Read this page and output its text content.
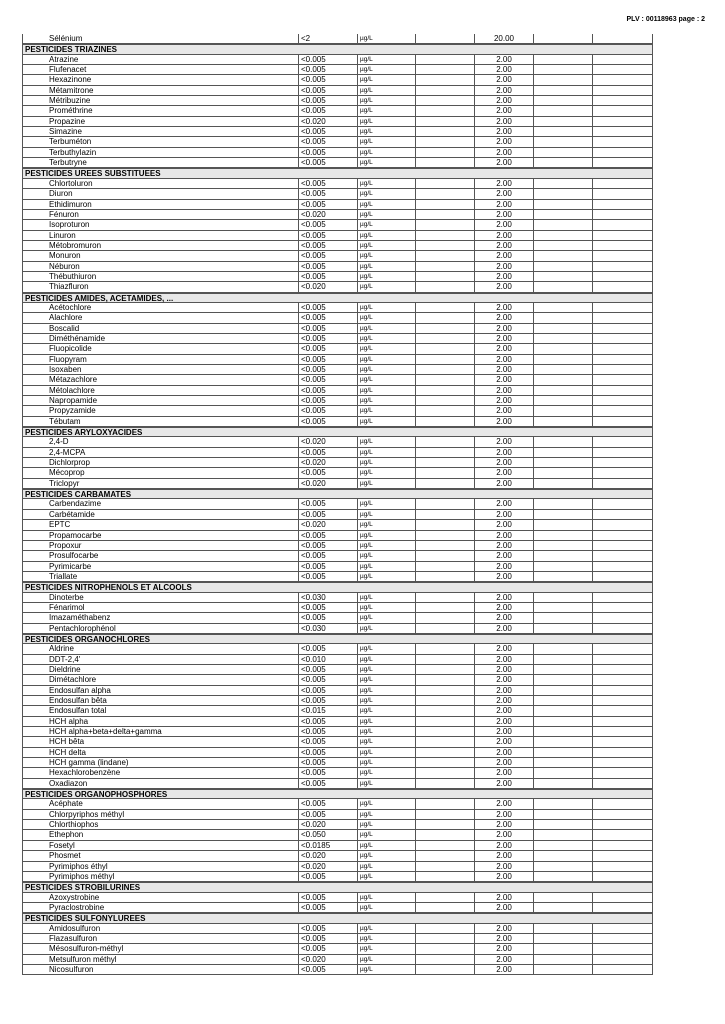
PLV : 00118963 page : 2
Sélénium	<2	µg/L	20.00
PESTICIDES TRIAZINES
Atrazine	<0.005	µg/L	2.00
Flufenacet	<0.005	µg/L	2.00
Hexazinone	<0.005	µg/L	2.00
Métamitrone	<0.005	µg/L	2.00
Métribuzine	<0.005	µg/L	2.00
Prométhrine	<0.005	µg/L	2.00
Propazine	<0.020	µg/L	2.00
Simazine	<0.005	µg/L	2.00
Terbuméton	<0.005	µg/L	2.00
Terbuthylazin	<0.005	µg/L	2.00
Terbutryne	<0.005	µg/L	2.00
PESTICIDES UREES SUBSTITUEES
Chlortoluron	<0.005	µg/L	2.00
Diuron	<0.005	µg/L	2.00
Ethidimuron	<0.005	µg/L	2.00
Fénuron	<0.020	µg/L	2.00
Isoproturon	<0.005	µg/L	2.00
Linuron	<0.005	µg/L	2.00
Métobromuron	<0.005	µg/L	2.00
Monuron	<0.005	µg/L	2.00
Néburon	<0.005	µg/L	2.00
Thébuthiuron	<0.005	µg/L	2.00
Thiazfluron	<0.020	µg/L	2.00
PESTICIDES AMIDES, ACETAMIDES, ...
Acétochlore	<0.005	µg/L	2.00
Alachlore	<0.005	µg/L	2.00
Boscalid	<0.005	µg/L	2.00
Diméthénamide	<0.005	µg/L	2.00
Fluopicolide	<0.005	µg/L	2.00
Fluopyram	<0.005	µg/L	2.00
Isoxaben	<0.005	µg/L	2.00
Métazachlore	<0.005	µg/L	2.00
Métolachlore	<0.005	µg/L	2.00
Napropamide	<0.005	µg/L	2.00
Propyzamide	<0.005	µg/L	2.00
Tébutam	<0.005	µg/L	2.00
PESTICIDES ARYLOXYACIDES
2,4-D	<0.020	µg/L	2.00
2,4-MCPA	<0.005	µg/L	2.00
Dichlorprop	<0.020	µg/L	2.00
Mécoprop	<0.005	µg/L	2.00
Triclopyr	<0.020	µg/L	2.00
PESTICIDES CARBAMATES
Carbendazime	<0.005	µg/L	2.00
Carbétamide	<0.005	µg/L	2.00
EPTC	<0.020	µg/L	2.00
Propamocarbe	<0.005	µg/L	2.00
Propoxur	<0.005	µg/L	2.00
Prosulfocarbe	<0.005	µg/L	2.00
Pyrimicarbe	<0.005	µg/L	2.00
Triallate	<0.005	µg/L	2.00
PESTICIDES NITROPHENOLS ET ALCOOLS
Dinoterbe	<0.030	µg/L	2.00
Fénarimol	<0.005	µg/L	2.00
Imazaméthabenz	<0.005	µg/L	2.00
Pentachlorophénol	<0.030	µg/L	2.00
PESTICIDES ORGANOCHLORES
Aldrine	<0.005	µg/L	2.00
DDT-2,4'	<0.010	µg/L	2.00
Dieldrine	<0.005	µg/L	2.00
Dimétachlore	<0.005	µg/L	2.00
Endosulfan alpha	<0.005	µg/L	2.00
Endosulfan bêta	<0.005	µg/L	2.00
Endosulfan total	<0.015	µg/L	2.00
HCH alpha	<0.005	µg/L	2.00
HCH alpha+beta+delta+gamma	<0.005	µg/L	2.00
HCH bêta	<0.005	µg/L	2.00
HCH delta	<0.005	µg/L	2.00
HCH gamma (lindane)	<0.005	µg/L	2.00
Hexachlorobenzène	<0.005	µg/L	2.00
Oxadiazon	<0.005	µg/L	2.00
PESTICIDES ORGANOPHOSPHORES
Acéphate	<0.005	µg/L	2.00
Chlorpyriphos méthyl	<0.005	µg/L	2.00
Chlorthiophos	<0.020	µg/L	2.00
Ethephon	<0.050	µg/L	2.00
Fosetyl	<0.0185	µg/L	2.00
Phosmet	<0.020	µg/L	2.00
Pyrimiphos éthyl	<0.020	µg/L	2.00
Pyrimiphos méthyl	<0.005	µg/L	2.00
PESTICIDES STROBILURINES
Azoxystrobine	<0.005	µg/L	2.00
Pyraclostrobine	<0.005	µg/L	2.00
PESTICIDES SULFONYLUREES
Amidosulfuron	<0.005	µg/L	2.00
Flazasulfuron	<0.005	µg/L	2.00
Mésosulfuron-méthyl	<0.005	µg/L	2.00
Metsulfuron méthyl	<0.020	µg/L	2.00
Nicosulfuron	<0.005	µg/L	2.00
